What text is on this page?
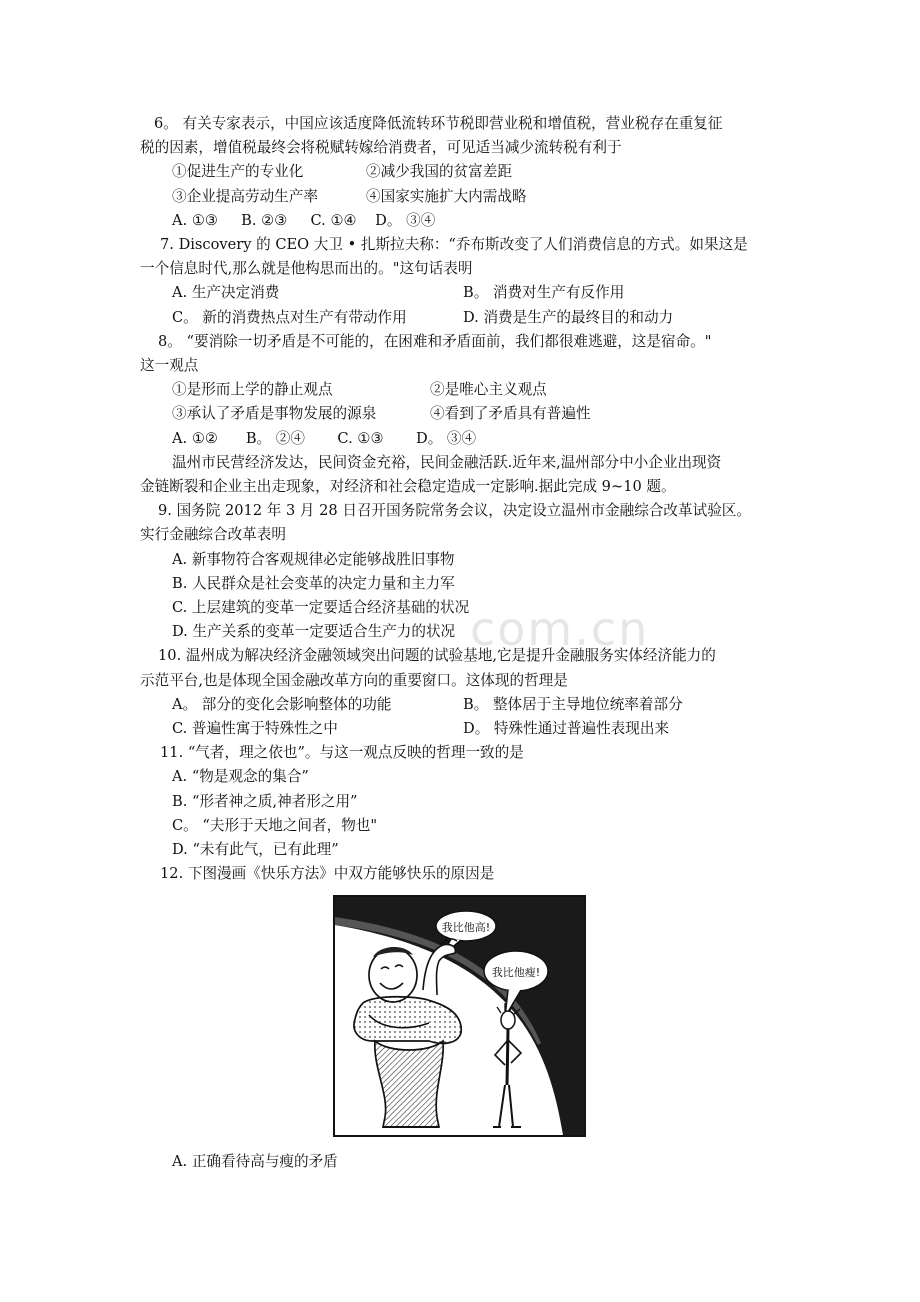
com.cn

6。 有关专家表示，中国应该适度降低流转环节税即营业税和增值税，营业税存在重复征

税的因素，增值税最终会将税赋转嫁给消费者，可见适当减少流转税有利于

①促进生产的专业化	②减少我国的贫富差距
③企业提高劳动生产率	④国家实施扩大内需战略

A. ①③     B. ②③     C. ①④    D。 ③④

7. Discovery 的 CEO 大卫 • 扎斯拉夫称：“乔布斯改变了人们消费信息的方式。如果这是

一个信息时代,那么就是他构思而出的。"这句话表明

A. 生产决定消费	B。 消费对生产有反作用
C。 新的消费热点对生产有带动作用	D. 消费是生产的最终目的和动力

8。 “要消除一切矛盾是不可能的，在困难和矛盾面前，我们都很难逃避，这是宿命。"

这一观点

①是形而上学的静止观点	②是唯心主义观点
③承认了矛盾是事物发展的源泉	④看到了矛盾具有普遍性

A. ①②      B。 ②④       C. ①③       D。 ③④

温州市民营经济发达，民间资金充裕，民间金融活跃.近年来,温州部分中小企业出现资

金链断裂和企业主出走现象，对经济和社会稳定造成一定影响.据此完成 9~10 题。

9. 国务院 2012 年 3 月 28 日召开国务院常务会议，决定设立温州市金融综合改革试验区。

实行金融综合改革表明

A. 新事物符合客观规律必定能够战胜旧事物

B. 人民群众是社会变革的决定力量和主力军

C. 上层建筑的变革一定要适合经济基础的状况

D. 生产关系的变革一定要适合生产力的状况

10. 温州成为解决经济金融领域突出问题的试验基地,它是提升金融服务实体经济能力的

示范平台,也是体现全国金融改革方向的重要窗口。这体现的哲理是

A。 部分的变化会影响整体的功能	B。 整体居于主导地位统率着部分
C. 普遍性寓于特殊性之中	D。 特殊性通过普遍性表现出来

11. “气者，理之依也”。与这一观点反映的哲理一致的是

A. “物是观念的集合”

B. “形者神之质,神者形之用”

C。 “夫形于天地之间者，物也"

D. “未有此气，已有此理”

12. 下图漫画《快乐方法》中双方能够快乐的原因是

我比他高!
我比他瘦!
A. 正确看待高与瘦的矛盾
